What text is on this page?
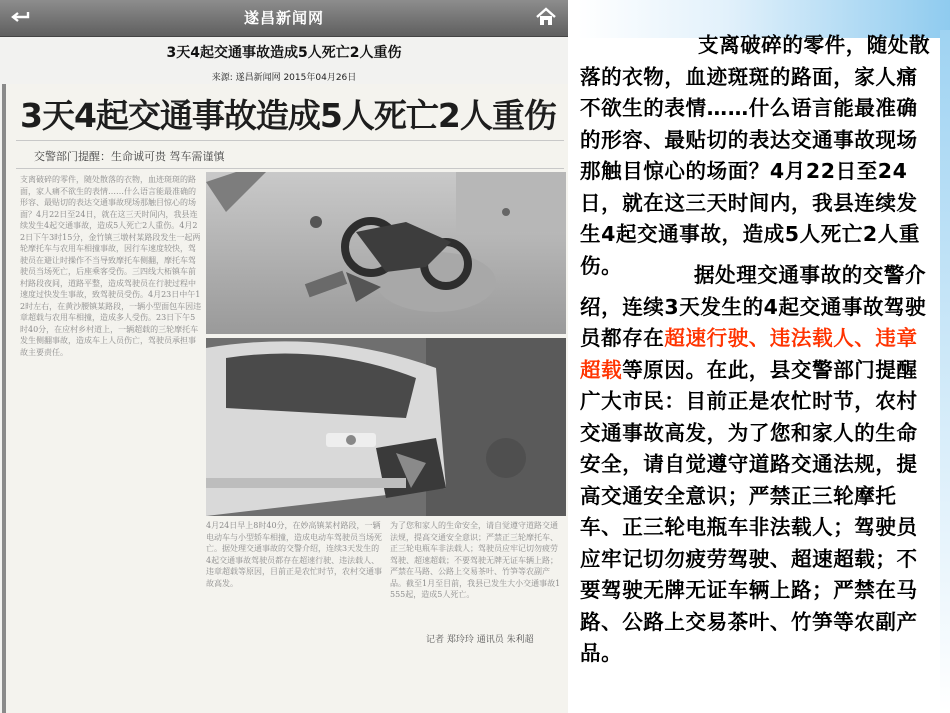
遂昌新闻网
3天4起交通事故造成5人死亡2人重伤
来源: 遂昌新闻网 2015年04月26日
3天4起交通事故造成5人死亡2人重伤
交警部门提醒：生命诚可贵 驾车需谨慎
支离破碎的零件，随处散落的衣物，血迹斑斑的路面，家人痛不欲生的表情……什么语言能最准确的形容、最贴切的表达交通事故现场那触目惊心的场面？4月22日至24日，就在这三天时间内，我县连续发生4起交通事故，造成5人死亡2人重伤。4月22日下午3时15分，金竹镇三墩村某路段发生一起两轮摩托车与农用车相撞事故，因行车速度较快，驾驶员在避让时操作不当导致摩托车侧翻，摩托车驾驶员当场死亡，后座乘客受伤。三四线大柘镇车前村路段夜间，道路平整，造成驾驶员在行驶过程中速度过快发生事故，致驾驶员受伤。4月23日中午12时左右，在黄沙腰镇某路段，一辆小型面包车因违章超载与农用车相撞，造成多人受伤。23日下午5时40分，在应村乡村道上，一辆超载的三轮摩托车发生侧翻事故，造成车上人员伤亡，驾驶员承担事故主要责任。
4月24日早上8时40分，在妙高镇某村路段，一辆电动车与小型轿车相撞，造成电动车驾驶员当场死亡。据处理交通事故的交警介绍，连续3天发生的4起交通事故驾驶员都存在超速行驶、违法载人、违章超载等原因，目前正是农忙时节，农村交通事故高发。
为了您和家人的生命安全，请自觉遵守道路交通法规，提高交通安全意识；严禁正三轮摩托车、正三轮电瓶车非法载人；驾驶员应牢记切勿疲劳驾驶、超速超载；不要驾驶无牌无证车辆上路；严禁在马路、公路上交易茶叶、竹笋等农副产品。截至1月至目前，我县已发生大小交通事故1555起，造成5人死亡。
记者 郑玲玲 通讯员 朱利超
支离破碎的零件，随处散落的衣物，血迹斑斑的路面，家人痛不欲生的表情……什么语言能最准确的形容、最贴切的表达交通事故现场那触目惊心的场面？4月22日至24日，就在这三天时间内，我县连续发生4起交通事故，造成5人死亡2人重伤。	据处理交通事故的交警介绍，连续3天发生的4起交通事故驾驶员都存在超速行驶、违法载人、违章超载等原因。在此，县交警部门提醒广大市民：目前正是农忙时节，农村交通事故高发，为了您和家人的生命安全，请自觉遵守道路交通法规，提高交通安全意识；严禁正三轮摩托车、正三轮电瓶车非法载人；驾驶员应牢记切勿疲劳驾驶、超速超载；不要驾驶无牌无证车辆上路；严禁在马路、公路上交易茶叶、竹笋等农副产品。
